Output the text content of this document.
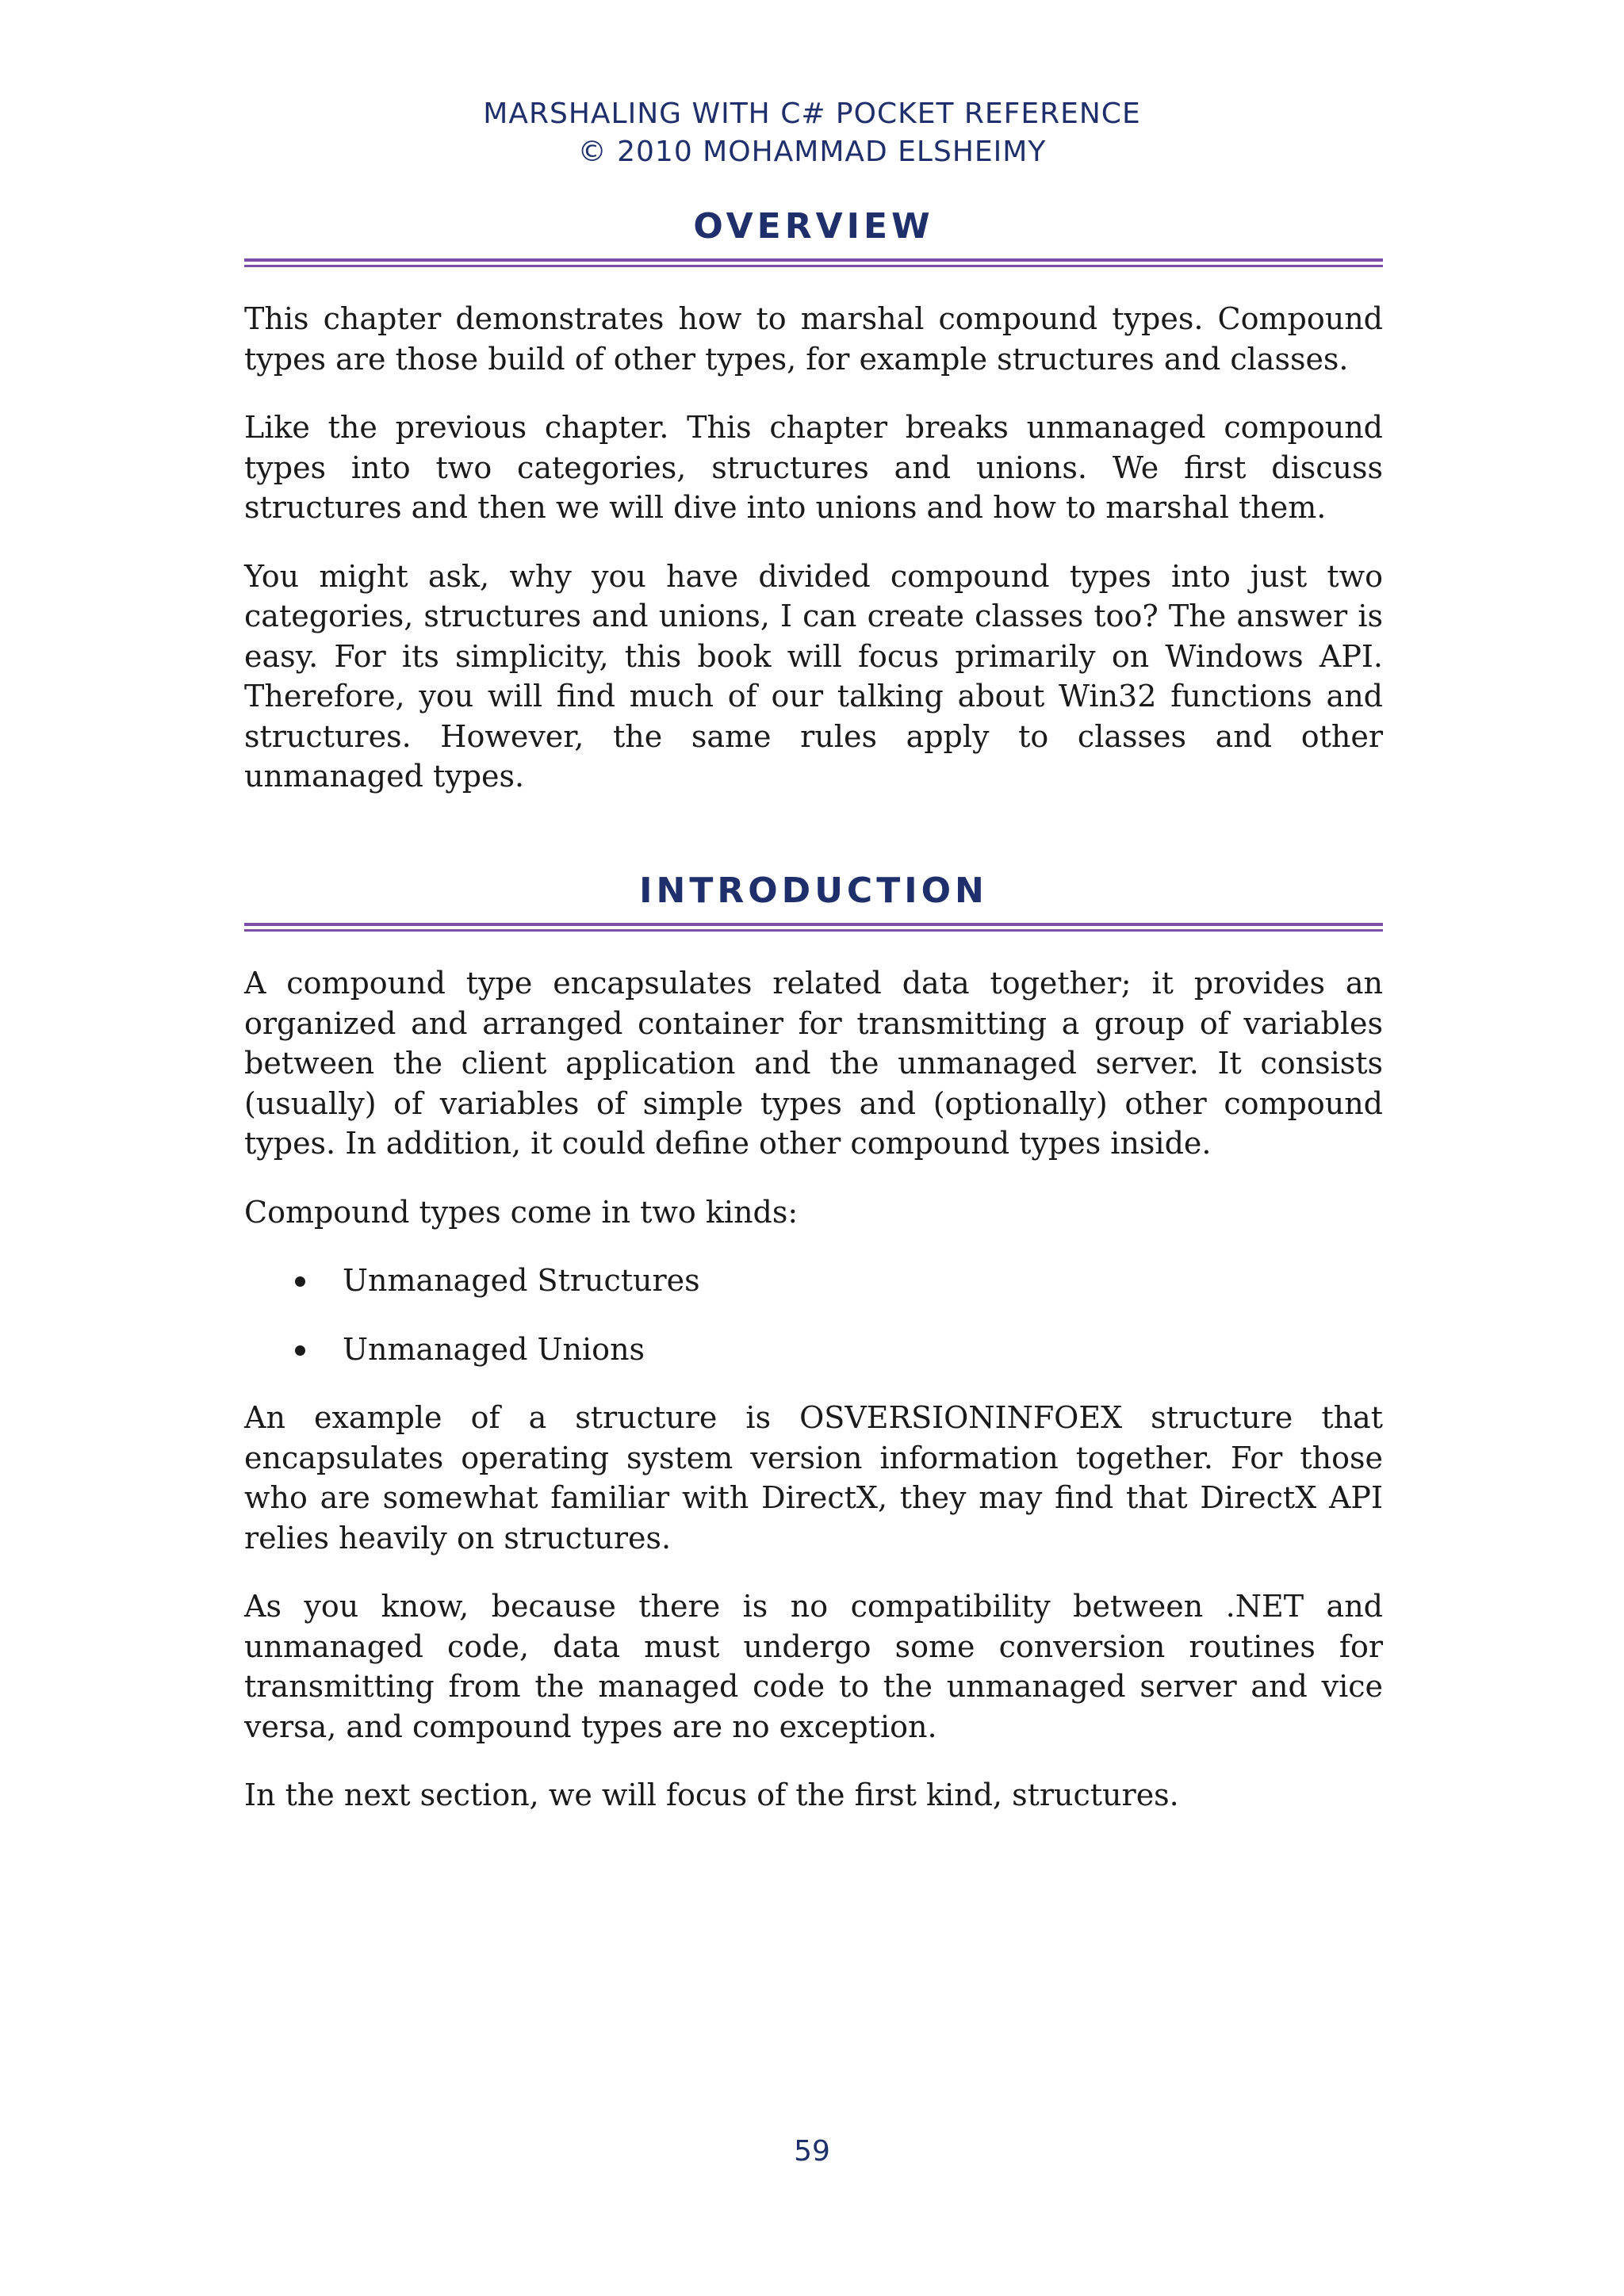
MARSHALING WITH C# POCKET REFERENCE
© 2010 MOHAMMAD ELSHEIMY
OVERVIEW

This chapter demonstrates how to marshal compound types. Compound types are those build of other types, for example structures and classes.

Like the previous chapter. This chapter breaks unmanaged compound types into two categories, structures and unions. We first discuss structures and then we will dive into unions and how to marshal them.

You might ask, why you have divided compound types into just two categories, structures and unions, I can create classes too? The answer is easy. For its simplicity, this book will focus primarily on Windows API. Therefore, you will find much of our talking about Win32 functions and structures. However, the same rules apply to classes and other unmanaged types.

INTRODUCTION

A compound type encapsulates related data together; it provides an organized and arranged container for transmitting a group of variables between the client application and the unmanaged server. It consists (usually) of variables of simple types and (optionally) other compound types. In addition, it could define other compound types inside.

Compound types come in two kinds:

Unmanaged Structures
Unmanaged Unions

An example of a structure is OSVERSIONINFOEX structure that encapsulates operating system version information together. For those who are somewhat familiar with DirectX, they may find that DirectX API relies heavily on structures.

As you know, because there is no compatibility between .NET and unmanaged code, data must undergo some conversion routines for transmitting from the managed code to the unmanaged server and vice versa, and compound types are no exception.

In the next section, we will focus of the first kind, structures.

59
